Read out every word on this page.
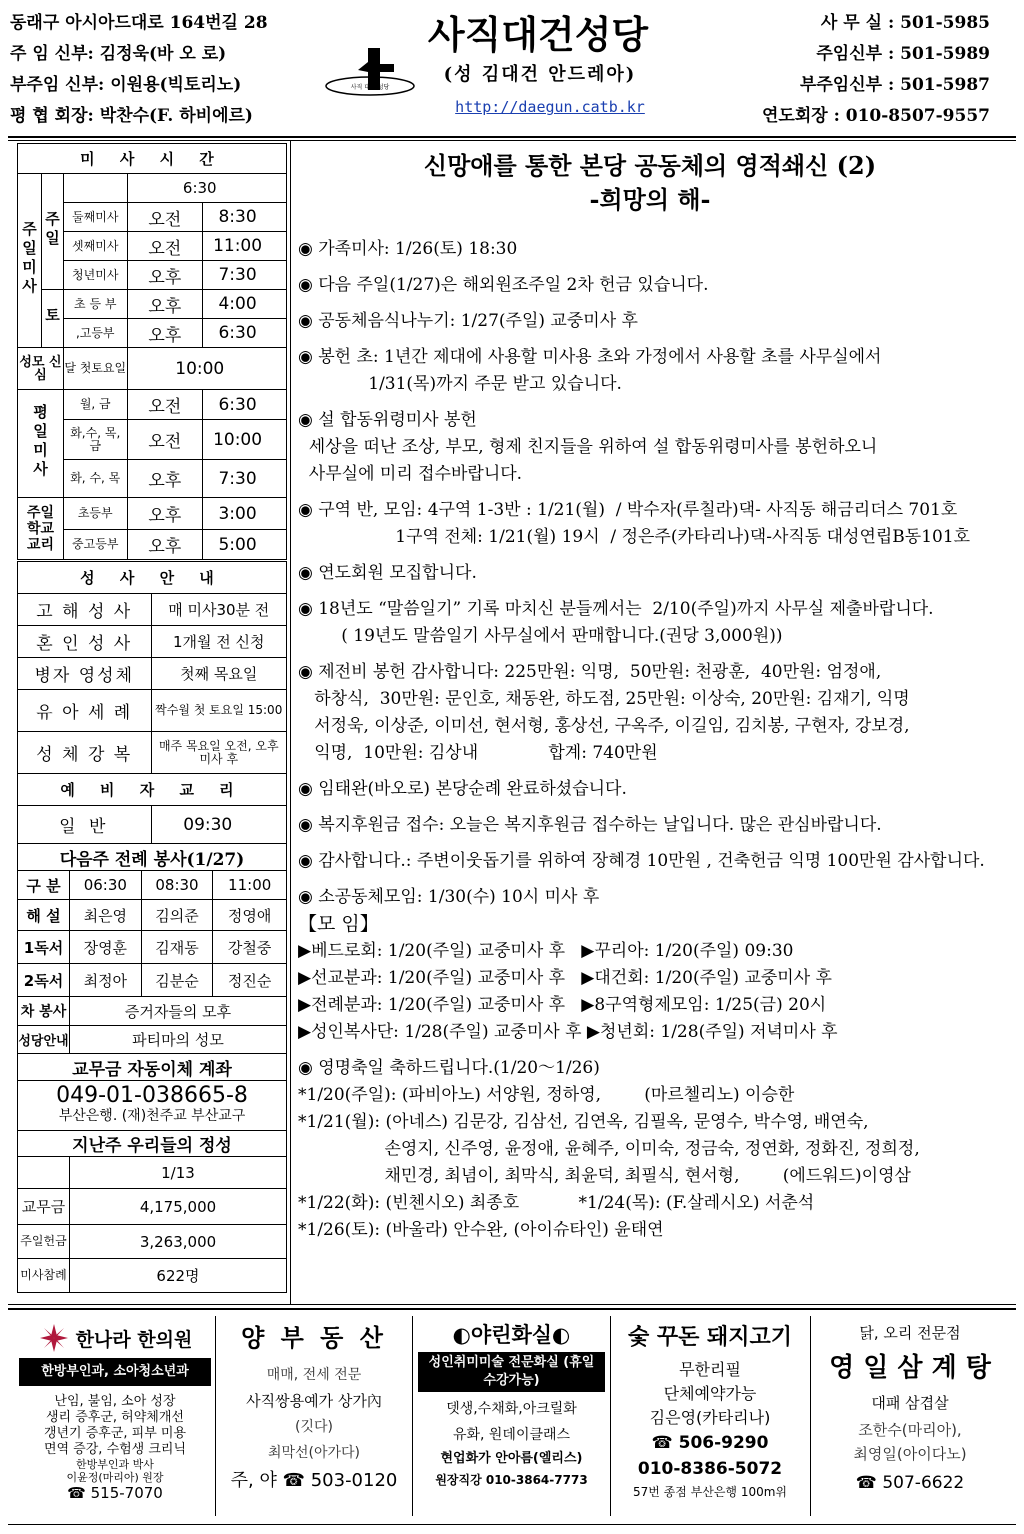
동래구 아시아드대로 164번길 28
주 임 신부: 김정욱(바 오 로)
부주임 신부: 이원용(빅토리노)
평 협 회장: 박찬수(F. 하비에르)
사직대건성당
(성 김대건 안드레아)
http://daegun.catb.kr
사직 대건 성당
사 무 실 : 501-5985
주임신부 : 501-5989
부주임신부 : 501-5987
연도회장 : 010-8507-9557
미 사 시 간				
주일미사	주일		6:30	
		둘째미사	오전	8:30
		셋째미사	오전	11:00
		청년미사	오후	7:30
	토	초 등 부	오후	4:00
		,고등부	오후	6:30
성모 신심		달 첫토요일	10:00	
평일미사		월, 금	오전	6:30
		화,수, 목, 금	오전	10:00
		화, 수, 목	오후	7:30
주일 학교 교리		초등부	오후	3:00
		중고등부	오후	5:00
성 사 안 내	
고 해 성 사	매 미사30분 전
혼 인 성 사	1개월 전 신청
병자 영성체	첫째 목요일
유 아 세 례	짝수월 첫 토요일 15:00
성 체 강 복	매주 목요일 오전, 오후 미사 후
예 비 자 교 리	
일 반	09:30
다음주 전례 봉사(1/27)			
구 분	06:30	08:30	11:00
해 설	최은영	김의준	정영애
1독서	장영훈	김재동	강철중
2독서	최정아	김분순	정진순
차 봉사	증거자들의 모후		
성당안내	파티마의 성모		
교무금 자동이체 계좌			

049-01-038665-8
부산은행. (재)천주교 부산교구			

지난주 우리들의 정성			
	1/13		
교무금	4,175,000		
주일헌금	3,263,000		
미사참례	622명		
신망애를 통한 본당 공동체의 영적쇄신 (2)
-희망의 해-

◉ 가족미사: 1/26(토) 18:30

◉ 다음 주일(1/27)은 해외원조주일 2차 헌금 있습니다.

◉ 공동체음식나누기: 1/27(주일) 교중미사 후

◉ 봉헌 초: 1년간 제대에 사용할 미사용 초와 가정에서 사용할 초를 사무실에서

1/31(목)까지 주문 받고 있습니다.

◉ 설 합동위령미사 봉헌

세상을 떠난 조상, 부모, 형제 친지들을 위하여 설 합동위령미사를 봉헌하오니

사무실에 미리 접수바랍니다.

◉ 구역 반, 모임: 4구역 1-3반 : 1/21(월)  / 박수자(루칠라)댁- 사직동 해금리더스 701호

1구역 전체: 1/21(월) 19시  / 정은주(카타리나)댁-사직동 대성연립B동101호

◉ 연도회원 모집합니다.

◉ 18년도 “말씀일기” 기록 마치신 분들께서는  2/10(주일)까지 사무실 제출바랍니다.

( 19년도 말씀일기 사무실에서 판매합니다.(권당 3,000원))

◉ 제전비 봉헌 감사합니다: 225만원: 익명,  50만원: 천광훈,  40만원: 엄정애,

하창식,  30만원: 문인호, 채동완, 하도점, 25만원: 이상숙, 20만원: 김재기, 익명

서정욱, 이상준, 이미선, 현서형, 홍상선, 구옥주, 이길임, 김치봉, 구현자, 강보경,

익명,  10만원: 김상내             합계: 740만원

◉ 임태완(바오로) 본당순례 완료하셨습니다.

◉ 복지후원금 접수: 오늘은 복지후원금 접수하는 날입니다. 많은 관심바랍니다.

◉ 감사합니다.: 주변이웃돕기를 위하여 장혜경 10만원 , 건축헌금 익명 100만원 감사합니다.

◉ 소공동체모임: 1/30(수) 10시 미사 후

【모 임】

▶베드로회: 1/20(주일) 교중미사 후   ▶꾸리아: 1/20(주일) 09:30

▶선교분과: 1/20(주일) 교중미사 후   ▶대건회: 1/20(주일) 교중미사 후

▶전례분과: 1/20(주일) 교중미사 후   ▶8구역형제모임: 1/25(금) 20시

▶성인복사단: 1/28(주일) 교중미사 후 ▶청년회: 1/28(주일) 저녁미사 후

◉ 영명축일 축하드립니다.(1/20～1/26)

*1/20(주일): (파비아노) 서양원, 정하영,        (마르첼리노) 이승한

*1/21(월): (아네스) 김문강, 김삼선, 김연옥, 김필옥, 문영수, 박수영, 배연숙,

손영지, 신주영, 윤정애, 윤혜주, 이미숙, 정금숙, 정연화, 정화진, 정희정,

채민경, 최념이, 최막식, 최윤덕, 최필식, 현서형,        (에드워드)이영삼

*1/22(화): (빈첸시오) 최종호           *1/24(목): (F.살레시오) 서춘석

*1/26(토): (바울라) 안수완, (아이슈타인) 윤태연

한나라 한의원
한방부인과, 소아청소년과
난임, 불임, 소아 성장
생리 증후군, 허약체개선
갱년기 증후군, 피부 미용
면역 증강, 수험생 크리닉
한방부인과 박사
이윤정(마리아) 원장
☎ 515-7070
양 부 동 산
매매, 전세 전문
사직쌍용예가 상가內
(깃다)
최막선(아가다)
주, 야 ☎ 503-0120
◐야린화실◐
성인취미미술 전문화실 (휴일 수강가능)
뎃생,수채화,아크릴화
유화, 원데이클래스
현업화가 안아름(엘리스)
원장직강 010-3864-7773
숯 꾸돈 돼지고기
무한리필
단체예약가능
김은영(카타리나)
☎ 506-9290
010-8386-5072
57번 종점 부산은행 100m위
닭, 오리 전문점
영 일 삼 계 탕
대패 삼겹살
조한수(마리아),
최영일(아이다노)
☎ 507-6622
